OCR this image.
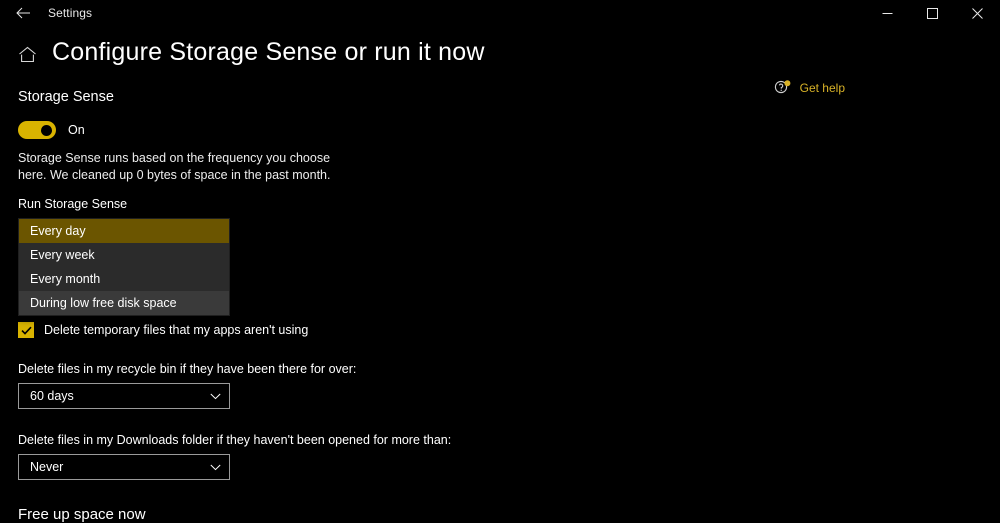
Settings
Configure Storage Sense or run it now
Get help
Storage Sense
On
Storage Sense runs based on the frequency you choose here. We cleaned up 0 bytes of space in the past month.
Run Storage Sense
Every day
Every week
Every month
During low free disk space
Delete temporary files that my apps aren't using
Delete files in my recycle bin if they have been there for over:
60 days
Delete files in my Downloads folder if they haven't been opened for more than:
Never
Free up space now
